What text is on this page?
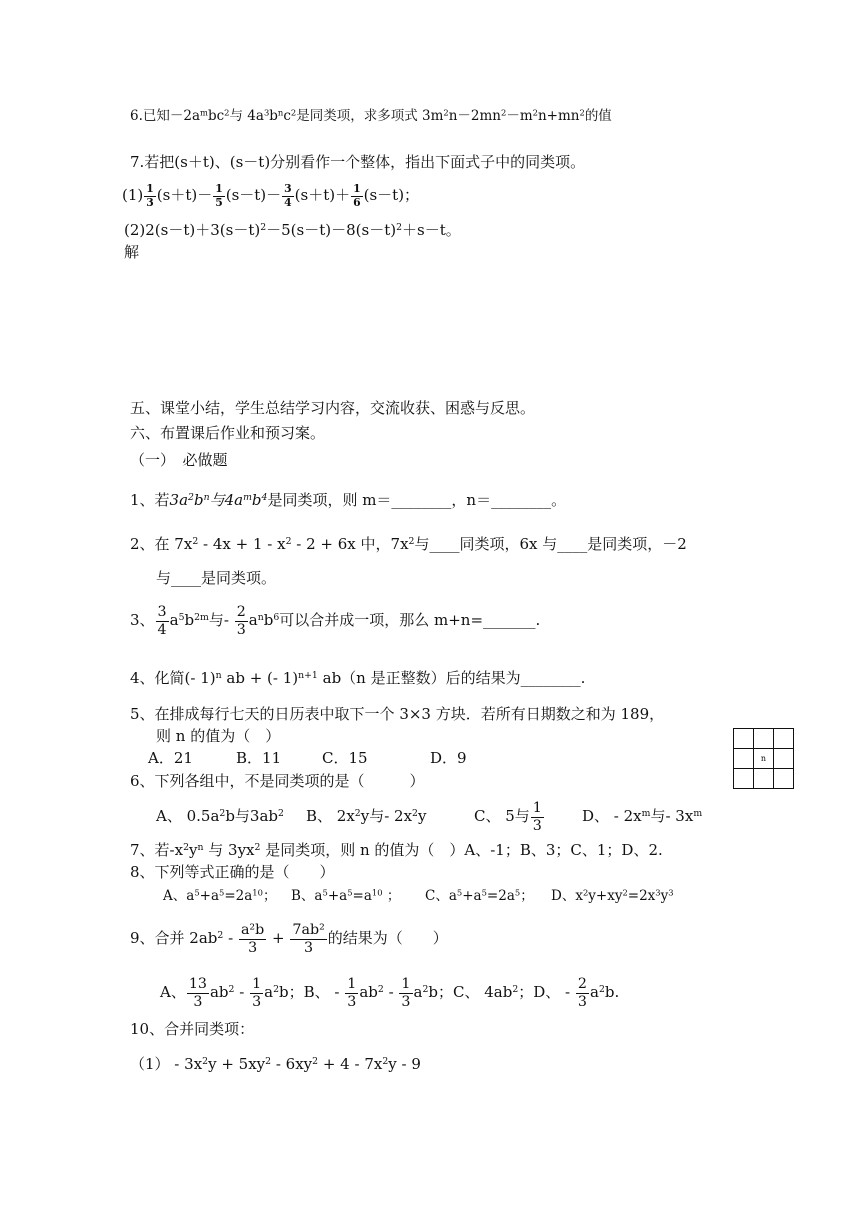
6.已知$-2a^mbc^2$与 $4a^3b^nc^2$是同类项，求多项式 $3m^2n-2mn^2-m^2n+mn^2$的值
7.若把(s＋t)、(s－t)分别看作一个整体，指出下面式子中的同类项。
$(1) \frac{1}{3} (s+t)- \frac{1}{5} (s-t)- \frac{3}{4} (s+t)+ \frac{1}{6} (s-t)$；
$(2)2(s-t)+3(s-t)^2-5(s-t)-8(s-t)^2+s-t$。
解
五、课堂小结，学生总结学习内容，交流收获、困惑与反思。
六、布置课后作业和预习案。
（一）　必做题
1、若$3a^2b^n$与$4a^mb^4$是同类项，则 m＝________，n＝________。
2、在 $7x^2 - 4x + 1 - x^2 - 2 + 6x$ 中，$7x^2$与____同类项，6x 与____是同类项，－2
与____是同类项。
3、 $\frac{3}{4} a^5b^{2m}$与- $\frac{2}{3} a^nb^6$可以合并成一项，那么 m+n=_______.
4、化简(- 1)$^n$ ab + (- 1)$^{n+1}$ ab（n 是正整数）后的结果为________.
5、在排成每行七天的日历表中取下一个 3×3 方块．若所有日期数之和为 189，
则 n 的值为（　）
A．21	B．11	C．15	D．9	n
6、下列各组中，不是同类项的是（　　　）
A、 $0.5a^2b$与$3ab^2$ B、 $2x^2y$与- $2x^2y$	C、 5与 $\frac{1}{3}$	D、 - $2x^m$与- $3x^m$
7、若$-x^2y^n$ 与 $3yx^2$ 是同类项，则 n 的值为（　）A、-1；B、3；C、1；D、2.
8、下列等式正确的是（　　）
A、$a^5+a^5=2a^{10}$； B、$a^5+a^5=a^{10}$ ； C、$a^5+a^5=2a^5$； D、$x^2y+xy^2=2x^3y^3$
9、合并 $2ab^2 - \frac{\text{a²b}}{3} + \frac{\text{7ab²}}{3}$ 的结果为（　　）
A、 $\frac{13}{3} ab^2 - \frac{1}{3} a^2b$；B、 - $\frac{1}{3} ab^2 - \frac{1}{3} a^2b$；C、 $4ab^2$；D、 - $\frac{2}{3} a^2b$.
10、合并同类项：
$(1) - 3x^2y + 5xy^2 - 6xy^2 + 4 - 7x^2y - 9$
